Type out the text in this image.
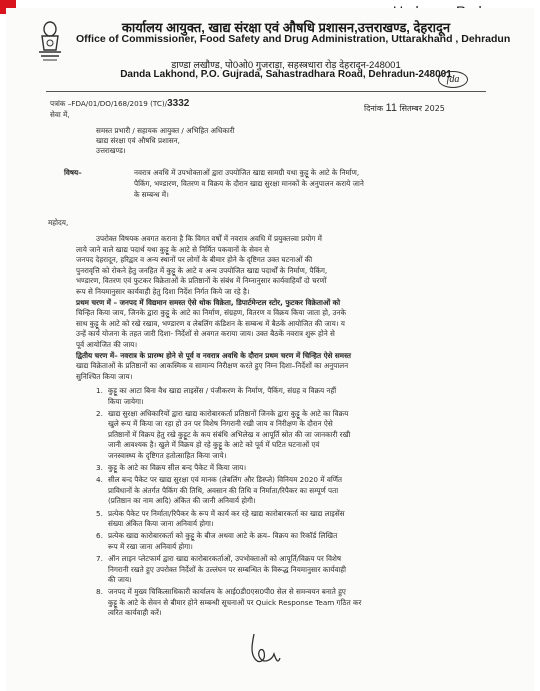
कार्यालय आयुक्त, खाद्य संरक्षा एवं औषधि प्रशासन,उत्तराखण्ड, देहरादून
Office of Commissioner, Food Safety and Drug Administration, Uttarakhand , Dehradun
डाण्डा लखौण्ड, पो0ओ0 गुजराड़ा, सहस्त्रधारा रोड़ देहरादून-248001
Danda Lakhond, P.O. Gujrada, Sahastradhara Road, Dehradun-248001
fda
पत्रांक –FDA/01/DO/168/2019 (TC)/3332
सेवा में,
दिनांक 11 सितम्बर 2025
समस्त प्रभारी / सहायक आयुक्त / अभिहित अधिकारी
खाद्य संरक्षा एवं औषधि प्रशासन,
उत्तराखण्ड।
विषय–	नवरात्र अवधि में उपभोक्ताओं द्वारा उपयोजित खाद्य सामग्री यथा कुट्टू के आटे के निर्माण,
पैकिंग, भण्डारण, वितरण व विक्रय के दौरान खाद्य सुरक्षा मानकों के अनुपालन कराये जाने
के सम्बन्ध में।
महोदय,
उपरोक्त विषयक अवगत कराना है कि विगत वर्षों में नवरात्र अवधि में प्रयुक्तत्त्वा प्रयोग में
लाये जाने वाले खाद्य पदार्थ यथा कुट्टू के आटे से निर्मित पकवानों के सेवन से
जनपद देहरादून, हरिद्वार व अन्य स्थानों पर लोगों के बीमार होने के दृष्टिगत उक्त घटनाओं की
पुनरावृत्ति को रोकने हेतु जनहित में कुट्टू के आटे व अन्य उपयोजित खाद्य पदार्थों के निर्माण, पैकिंग,
भण्डारण, वितरण एवं फुटकर विक्रेताओं के प्रतिष्ठानों के संबंध में निम्नानुसार कार्यवाहियाँ दो चरणों
रूप से नियमानुसार कार्यवाही हेतु दिशा निर्देश निर्गत किये जा रहे है।
प्रथम चरण में – जनपद में विद्यमान समस्त ऐसे थोक विक्रेता, डिपार्टमेन्टल स्टोर, फुटकर विक्रेताओं को
चिन्हित किया जाय, जिनके द्वारा कुट्टू के आटे का निर्माण, संग्रहण, वितरण व विक्रय किया जाता हो, उनके
साथ कुट्टू के आटे को रखे रखाव, भण्डारण व लेबलिंग कंडिशन के सम्बन्ध में बैठकें आयोजित की जाय। य
उन्हें कार्य योजना के तहत जारी दिशा- निर्देशों से अवगत कराया जाय। उक्त बैठकें नवरात्र शुरू होने से
पूर्व आयोजित की जाय।
द्वितीय चरण में– नवरात्र के प्रारम्भ होने से पूर्व व नवरात्र अवधि के दौरान प्रथम चरण में चिन्हित ऐसे समस्त
खाद्य विक्रेताओं के प्रतिष्ठानों का आकस्मिक व सामान्य निरीक्षण करते हुए निम्न दिशा–निर्देशों का अनुपालन
सुनिश्चित किया जाय।
1. कुट्टू का आटा बिना वैध खाद्य लाइसेंस / पंजीकरण के निर्माण, पैकिंग, संग्रह व विक्रय नहीं
किया जायेगा।
2. खाद्य सुरक्षा अधिकारियों द्वारा खाद्य कारोबारकर्ता प्रतिष्ठानों जिनके द्वारा कुट्टू के आटे का विक्रय
खुले रूप में किया जा रहा हो उन पर विशेष निगरानी रखी जाय व निरीक्षण के दौरान ऐसे
प्रतिष्ठानों में विक्रय हेतु रखे कुट्टूट के कय संबंधि अभिलेख व आपूर्ति स्रोत की जा जानकारी रखी
जानी आवश्यक है। खुले में विक्रय हो रहे कुट्टू के आटे को पूर्व में घटित घटनाओं एवं
जनस्वास्थ्य के दृष्टिगत हतोत्साहित किया जाये।
3. कुट्टू के आटे का विक्रय सील बन्द पैकेट में किया जाय।
4. सील बन्द पैकेट पर खाद्य सुरक्षा एवं मानक (लेबलिंग और डिस्प्ले) विनियम 2020 में वर्णित
प्राविधानों के अंतर्गत पैकिंग की तिथि, अवसान की तिथि व निर्माता/रिपैकर का सम्पूर्ण पता
(प्रतिष्ठान का नाम आदि) अंकित की जानी अनिवार्य होगी।
5. प्रत्येक पैकेट पर निर्माता/रिपैकर के रूप में कार्य कर रहे खाद्य कारोबारकर्ता का खाद्य लाइसेंस
संख्या अंकित किया जाना अनिवार्य होगा।
6. प्रत्येक खाद्य कारोबारकर्ता को कुट्टू के बीज अथवा आटे के क्रय– विक्रय का रिकॉर्ड लिखित
रूप में रखा जाना अनिवार्य होगा।
7. ऑन लाइन प्लेटफार्म द्वारा खाद्य कारोबारकर्ताओं, उपभोक्ताओं को आपूर्ति/विक्रय पर विशेष
निगरानी रखते हुए उपरोक्त निर्देशों के उल्लंघन पर सम्बन्धित के विरूद्ध नियमानुसार कार्यवाही
की जाय।
8. जनपद में मुख्य चिकित्साधिकारी कार्यालय के आई0डी0एस0पी0 सेल से समन्वयन बनाते हुए
कुट्टू के आटे के सेवन से बीमार होने सम्बन्धी सूचनाओं पर Quick Response Team गठित कर
त्वरित कार्यवाही करें।
